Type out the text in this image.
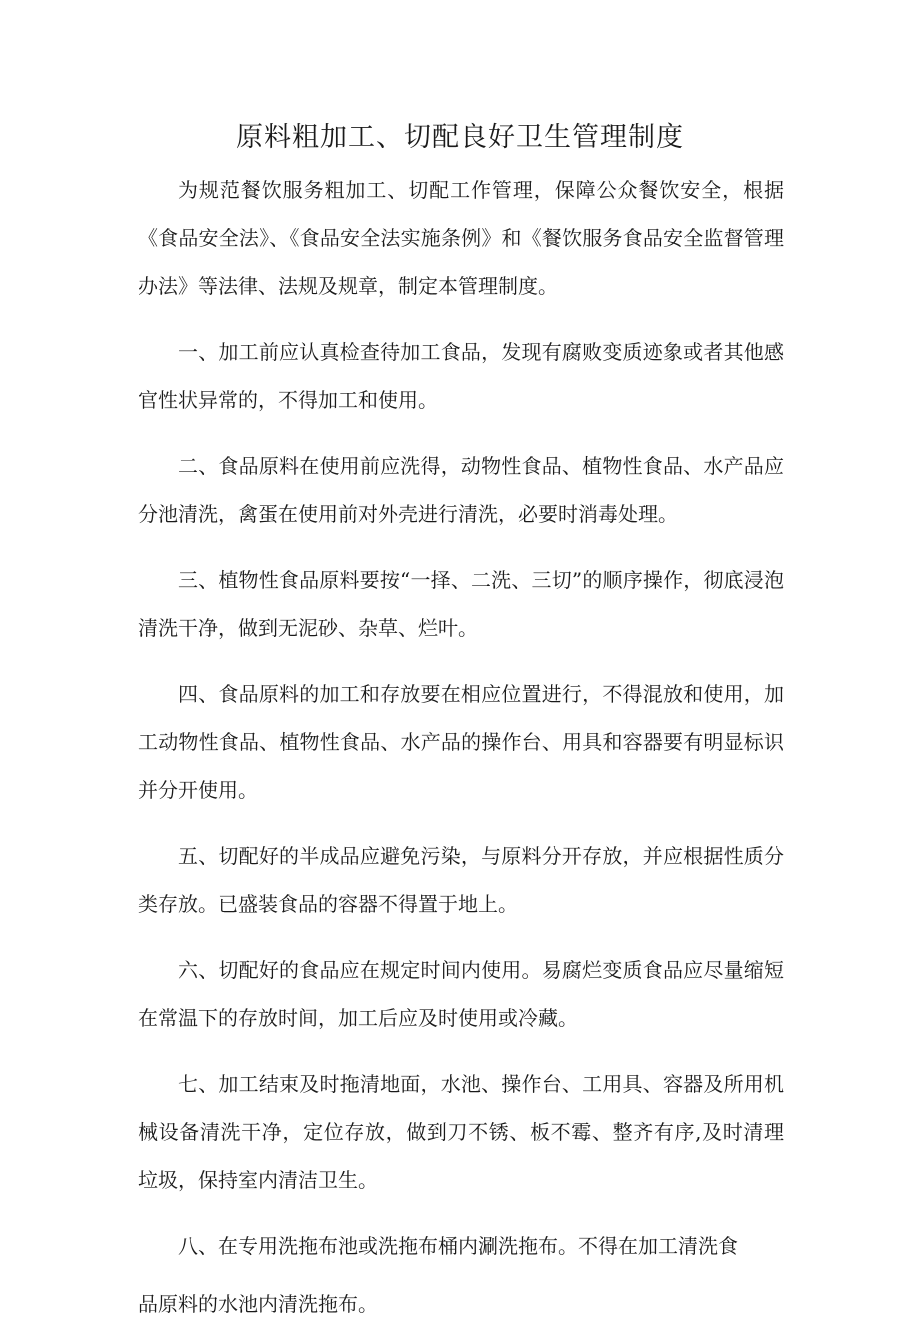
原料粗加工、切配良好卫生管理制度

为规范餐饮服务粗加工、切配工作管理，保障公众餐饮安全，根据《食品安全法》、《食品安全法实施条例》和《餐饮服务食品安全监督管理办法》等法律、法规及规章，制定本管理制度。

一、加工前应认真检查待加工食品，发现有腐败变质迹象或者其他感官性状异常的，不得加工和使用。

二、食品原料在使用前应洗得，动物性食品、植物性食品、水产品应分池清洗，禽蛋在使用前对外壳进行清洗，必要时消毒处理。

三、植物性食品原料要按“一择、二洗、三切”的顺序操作，彻底浸泡清洗干净，做到无泥砂、杂草、烂叶。

四、食品原料的加工和存放要在相应位置进行，不得混放和使用，加工动物性食品、植物性食品、水产品的操作台、用具和容器要有明显标识并分开使用。

五、切配好的半成品应避免污染，与原料分开存放，并应根据性质分类存放。已盛装食品的容器不得置于地上。

六、切配好的食品应在规定时间内使用。易腐烂变质食品应尽量缩短在常温下的存放时间，加工后应及时使用或冷藏。

七、加工结束及时拖清地面，水池、操作台、工用具、容器及所用机械设备清洗干净，定位存放，做到刀不锈、板不霉、整齐有序,及时清理垃圾，保持室内清洁卫生。

八、在专用洗拖布池或洗拖布桶内涮洗拖布。不得在加工清洗食
品原料的水池内清洗拖布。
